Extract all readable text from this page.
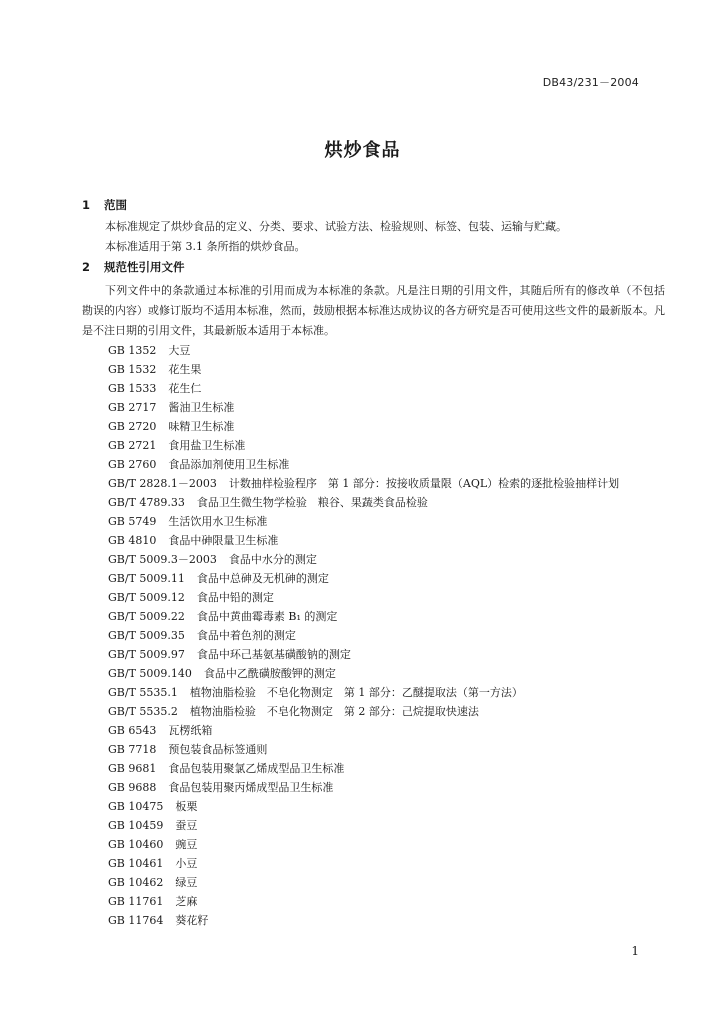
DB43/231－2004
烘炒食品
1 范围

本标准规定了烘炒食品的定义、分类、要求、试验方法、检验规则、标签、包装、运输与贮藏。

本标准适用于第 3.1 条所指的烘炒食品。

2 规范性引用文件

下列文件中的条款通过本标准的引用而成为本标准的条款。凡是注日期的引用文件，其随后所有的修改单（不包括勘误的内容）或修订版均不适用本标准，然而，鼓励根据本标准达成协议的各方研究是否可使用这些文件的最新版本。凡是不注日期的引用文件，其最新版本适用于本标准。

GB 1352 大豆
GB 1532 花生果
GB 1533 花生仁
GB 2717 酱油卫生标准
GB 2720 味精卫生标准
GB 2721 食用盐卫生标准
GB 2760 食品添加剂使用卫生标准
GB/T 2828.1－2003 计数抽样检验程序　第 1 部分：按接收质量限（AQL）检索的逐批检验抽样计划
GB/T 4789.33 食品卫生微生物学检验　粮谷、果蔬类食品检验
GB 5749 生活饮用水卫生标准
GB 4810 食品中砷限量卫生标准
GB/T 5009.3－2003 食品中水分的测定
GB/T 5009.11 食品中总砷及无机砷的测定
GB/T 5009.12 食品中铅的测定
GB/T 5009.22 食品中黄曲霉毒素 B₁ 的测定
GB/T 5009.35 食品中着色剂的测定
GB/T 5009.97 食品中环己基氨基磺酸钠的测定
GB/T 5009.140 食品中乙酰磺胺酸钾的测定
GB/T 5535.1 植物油脂检验　不皂化物测定　第 1 部分：乙醚提取法（第一方法）
GB/T 5535.2 植物油脂检验　不皂化物测定　第 2 部分：己烷提取快速法
GB 6543 瓦楞纸箱
GB 7718 预包装食品标签通则
GB 9681 食品包装用聚氯乙烯成型品卫生标准
GB 9688 食品包装用聚丙烯成型品卫生标准
GB 10475 板栗
GB 10459 蚕豆
GB 10460 豌豆
GB 10461 小豆
GB 10462 绿豆
GB 11761 芝麻
GB 11764 葵花籽
1
